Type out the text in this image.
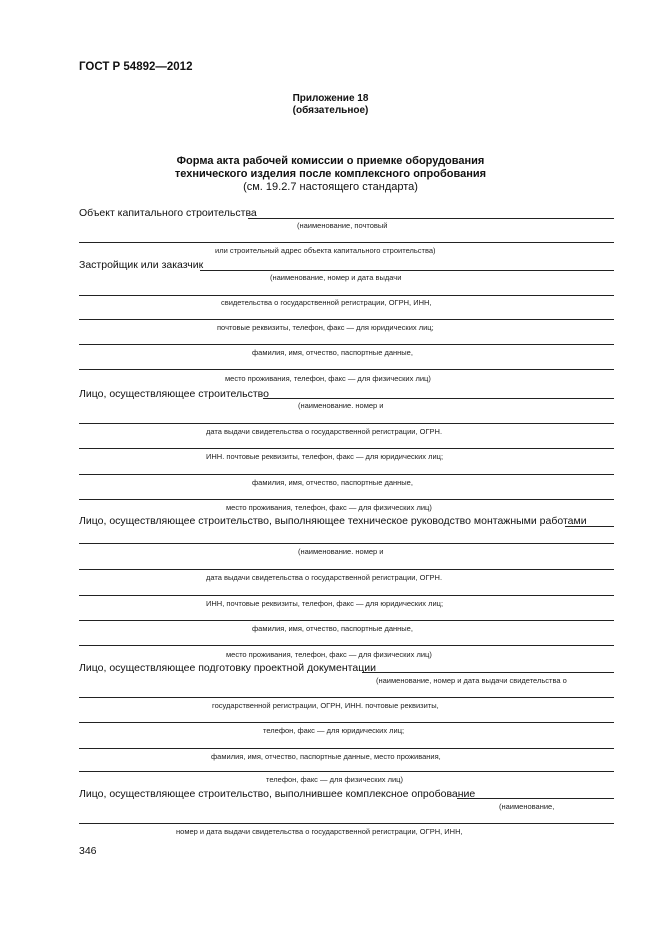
ГОСТ Р 54892—2012
Приложение 18
(обязательное)
Форма акта рабочей комиссии о приемке оборудования
технического изделия после комплексного опробования
(см. 19.2.7 настоящего стандарта)
Объект капитального строительства
(наименование, почтовый
или строительный адрес объекта капитального строительства)
Застройщик или заказчик
(наименование, номер и дата выдачи
свидетельства о государственной регистрации, ОГРН, ИНН,
почтовые реквизиты, телефон, факс — для юридических лиц;
фамилия, имя, отчество, паспортные данные,
место проживания, телефон, факс — для физических лиц)
Лицо, осуществляющее строительство
(наименование. номер и
дата выдачи свидетельства о государственной регистрации, ОГРН.
ИНН. почтовые реквизиты, телефон, факс — для юридических лиц;
фамилия, имя, отчество, паспортные данные,
место проживания, телефон, факс — для физических лиц)
Лицо, осуществляющее строительство, выполняющее техническое руководство монтажными работами
(наименование. номер и
дата выдачи свидетельства о государственной регистрации, ОГРН.
ИНН, почтовые реквизиты, телефон, факс — для юридических лиц;
фамилия, имя, отчество, паспортные данные,
место проживания, телефон, факс — для физических лиц)
Лицо, осуществляющее подготовку проектной документации
(наименование, номер и дата выдачи свидетельства о
государственной регистрации, ОГРН, ИНН. почтовые реквизиты,
телефон, факс — для юридических лиц;
фамилия, имя, отчество, паспортные данные, место проживания,
телефон, факс — для физических лиц)
Лицо, осуществляющее строительство, выполнившее комплексное опробование
(наименование,
номер и дата выдачи свидетельства о государственной регистрации, ОГРН, ИНН,
346
